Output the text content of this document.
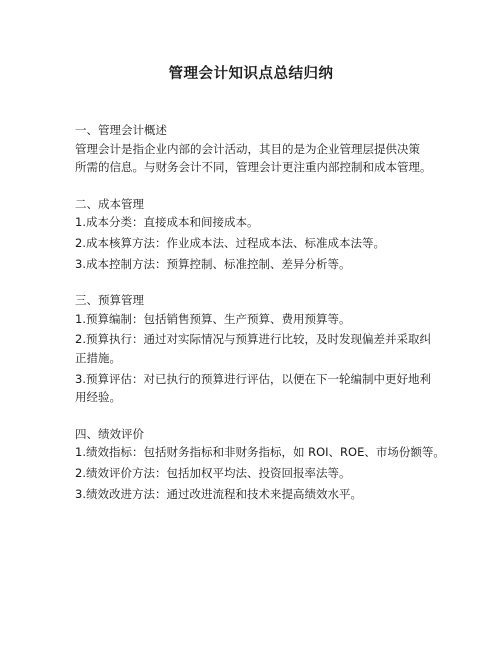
管理会计知识点总结归纳

一、管理会计概述

管理会计是指企业内部的会计活动，其目的是为企业管理层提供决策

所需的信息。与财务会计不同，管理会计更注重内部控制和成本管理。

二、成本管理

1.成本分类：直接成本和间接成本。

2.成本核算方法：作业成本法、过程成本法、标准成本法等。

3.成本控制方法：预算控制、标准控制、差异分析等。

三、预算管理

1.预算编制：包括销售预算、生产预算、费用预算等。

2.预算执行：通过对实际情况与预算进行比较，及时发现偏差并采取纠

正措施。

3.预算评估：对已执行的预算进行评估，以便在下一轮编制中更好地利

用经验。

四、绩效评价

1.绩效指标：包括财务指标和非财务指标，如 ROI、ROE、市场份额等。

2.绩效评价方法：包括加权平均法、投资回报率法等。

3.绩效改进方法：通过改进流程和技术来提高绩效水平。
